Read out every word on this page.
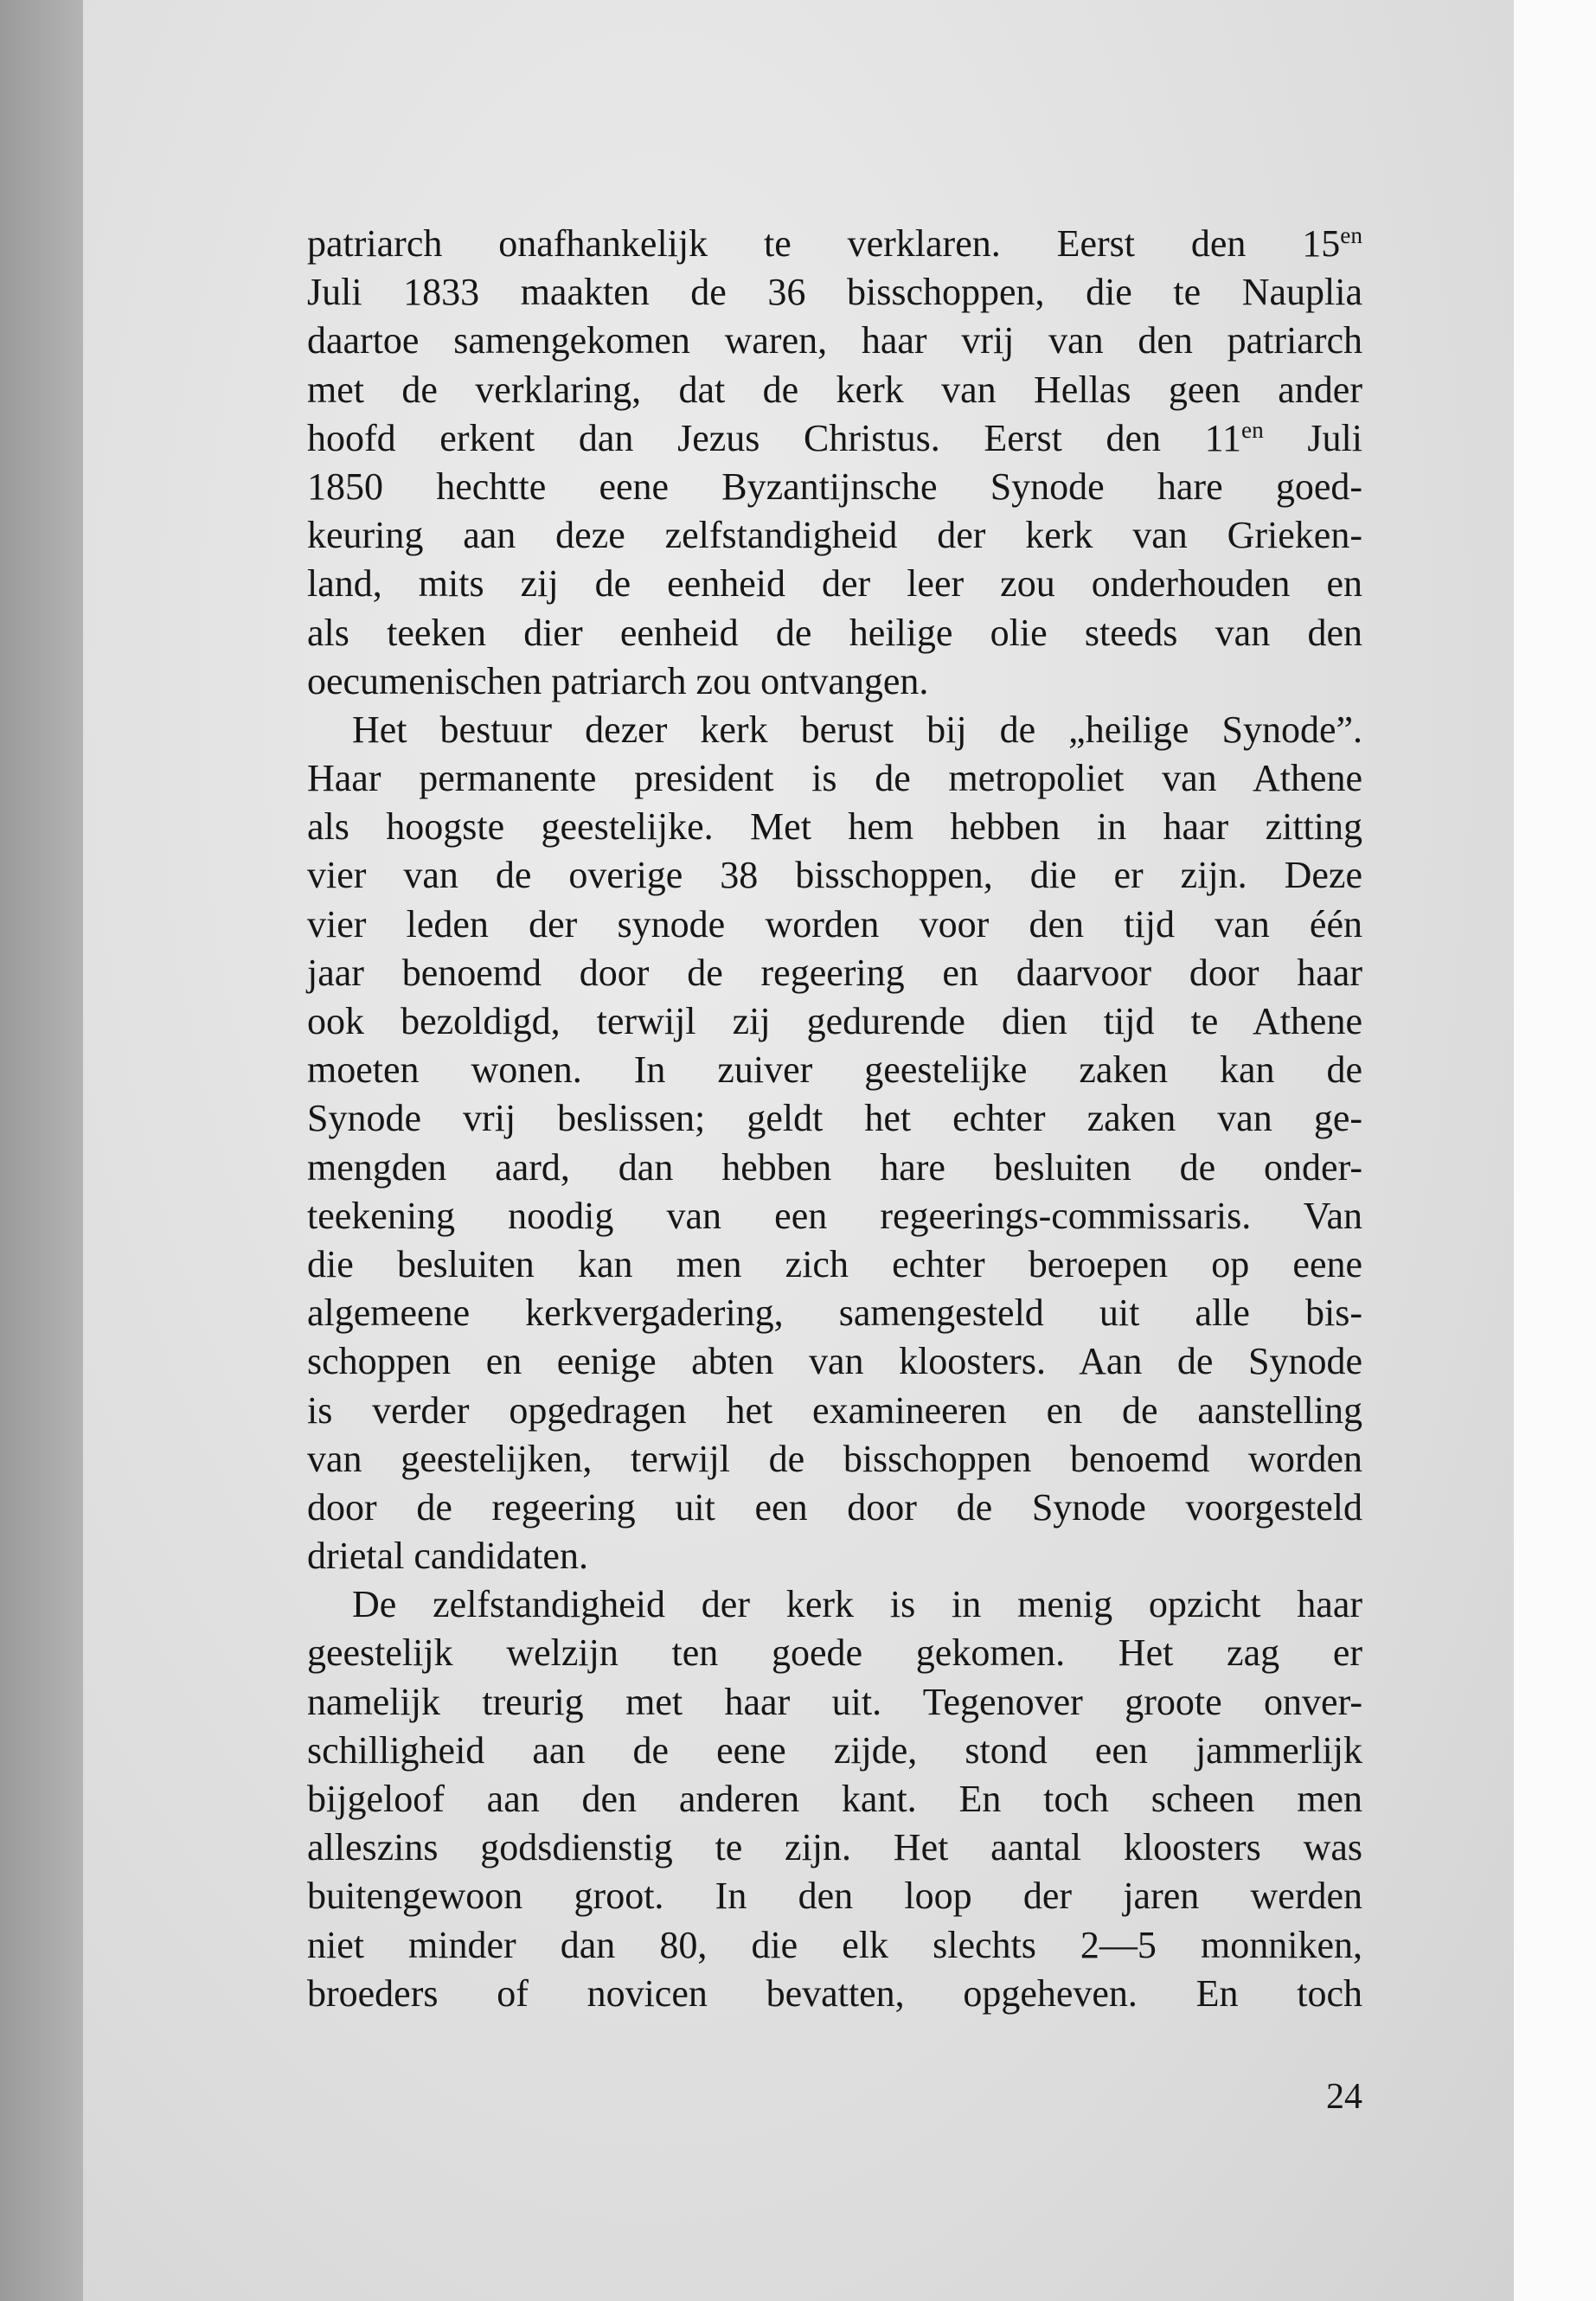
patriarch onafhankelijk te verklaren. Eerst den $15^{en}$
Juli 1833 maakten de 36 bisschoppen, die te Nauplia
daartoe samengekomen waren, haar vrij van den patriarch
met de verklaring, dat de kerk van Hellas geen ander
hoofd erkent dan Jezus Christus. Eerst den $11^{en}$ Juli
1850 hechtte eene Byzantijnsche Synode hare goed-
keuring aan deze zelfstandigheid der kerk van Grieken-
land, mits zij de eenheid der leer zou onderhouden en
als teeken dier eenheid de heilige olie steeds van den
oecumenischen patriarch zou ontvangen.
Het bestuur dezer kerk berust bij de „heilige Synode”.
Haar permanente president is de metropoliet van Athene
als hoogste geestelijke. Met hem hebben in haar zitting
vier van de overige 38 bisschoppen, die er zijn. Deze
vier leden der synode worden voor den tijd van één
jaar benoemd door de regeering en daarvoor door haar
ook bezoldigd, terwijl zij gedurende dien tijd te Athene
moeten wonen. In zuiver geestelijke zaken kan de
Synode vrij beslissen; geldt het echter zaken van ge-
mengden aard, dan hebben hare besluiten de onder-
teekening noodig van een regeerings-commissaris. Van
die besluiten kan men zich echter beroepen op eene
algemeene kerkvergadering, samengesteld uit alle bis-
schoppen en eenige abten van kloosters. Aan de Synode
is verder opgedragen het examineeren en de aanstelling
van geestelijken, terwijl de bisschoppen benoemd worden
door de regeering uit een door de Synode voorgesteld
drietal candidaten.
De zelfstandigheid der kerk is in menig opzicht haar
geestelijk welzijn ten goede gekomen. Het zag er
namelijk treurig met haar uit. Tegenover groote onver-
schilligheid aan de eene zijde, stond een jammerlijk
bijgeloof aan den anderen kant. En toch scheen men
alleszins godsdienstig te zijn. Het aantal kloosters was
buitengewoon groot. In den loop der jaren werden
niet minder dan 80, die elk slechts 2—5 monniken,
broeders of novicen bevatten, opgeheven. En toch
24
